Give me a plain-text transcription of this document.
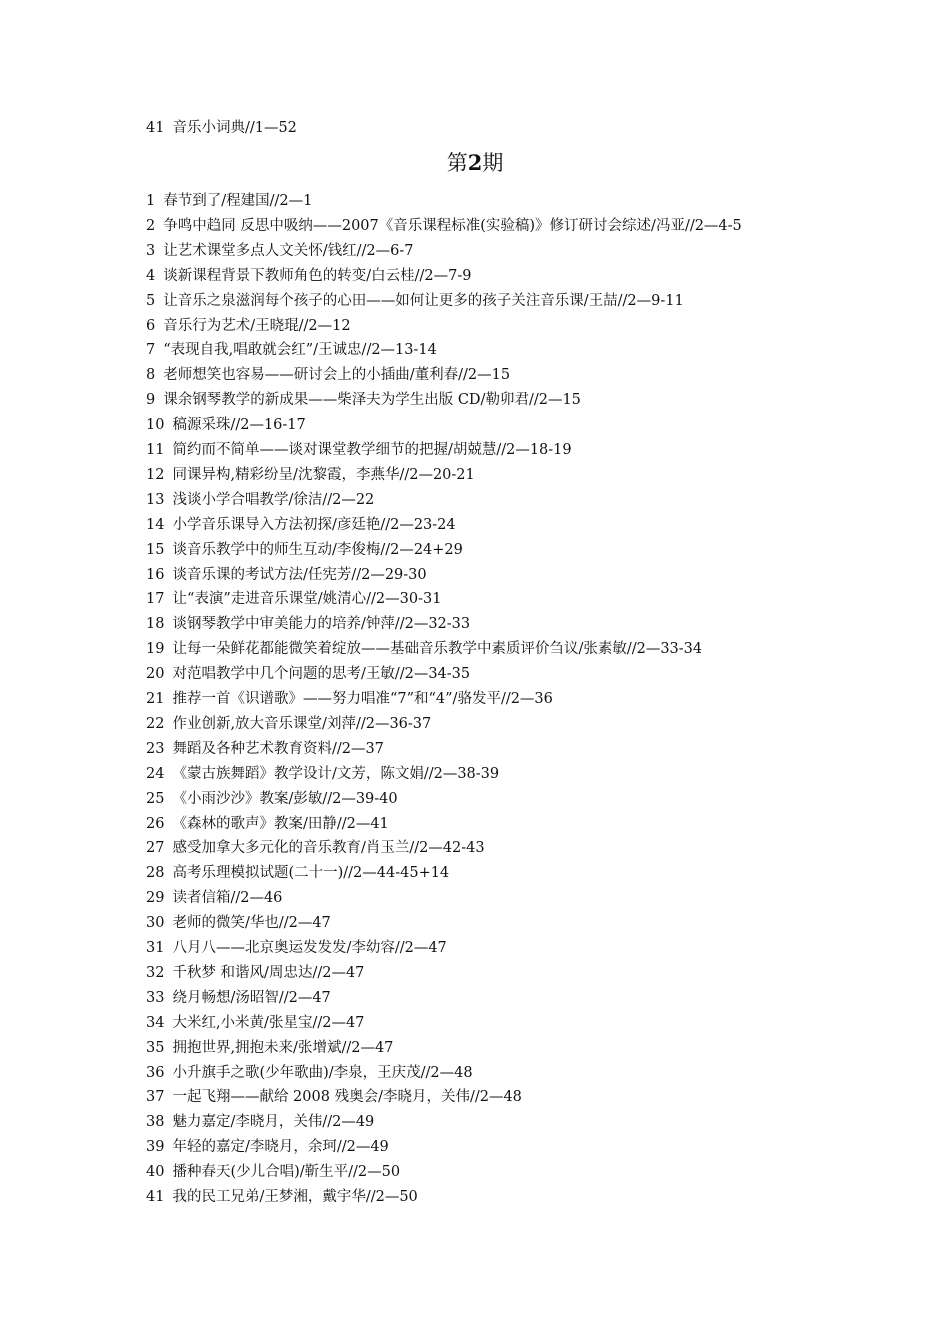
41 音乐小词典//1—52
第2期
1 春节到了/程建国//2—1
2 争鸣中趋同 反思中吸纳——2007《音乐课程标准(实验稿)》修订研讨会综述/冯亚//2—4-5
3 让艺术课堂多点人文关怀/钱红//2—6-7
4 谈新课程背景下教师角色的转变/白云桂//2—7-9
5 让音乐之泉滋润每个孩子的心田——如何让更多的孩子关注音乐课/王喆//2—9-11
6 音乐行为艺术/王晓琨//2—12
7 “表现自我,唱敢就会红”/王诚忠//2—13-14
8 老师想笑也容易——研讨会上的小插曲/董利春//2—15
9 课余钢琴教学的新成果——柴泽夫为学生出版 CD/勒卯君//2—15
10 稿源采珠//2—16-17
11 简约而不简单——谈对课堂教学细节的把握/胡兢慧//2—18-19
12 同课异构,精彩纷呈/沈黎霞，李燕华//2—20-21
13 浅谈小学合唱教学/徐洁//2—22
14 小学音乐课导入方法初探/彦廷艳//2—23-24
15 谈音乐教学中的师生互动/李俊梅//2—24+29
16 谈音乐课的考试方法/任宪芳//2—29-30
17 让“表演”走进音乐课堂/姚清心//2—30-31
18 谈钢琴教学中审美能力的培养/钟萍//2—32-33
19 让每一朵鲜花都能微笑着绽放——基础音乐教学中素质评价刍议/张素敏//2—33-34
20 对范唱教学中几个问题的思考/王敏//2—34-35
21 推荐一首《识谱歌》——努力唱准“7”和“4”/骆发平//2—36
22 作业创新,放大音乐课堂/刘萍//2—36-37
23 舞蹈及各种艺术教育资料//2—37
24 《蒙古族舞蹈》教学设计/文芳，陈文娟//2—38-39
25 《小雨沙沙》教案/彭敏//2—39-40
26 《森林的歌声》教案/田静//2—41
27 感受加拿大多元化的音乐教育/肖玉兰//2—42-43
28 高考乐理模拟试题(二十一)//2—44-45+14
29 读者信箱//2—46
30 老师的微笑/华也//2—47
31 八月八——北京奥运发发发/李幼容//2—47
32 千秋梦 和谐风/周忠达//2—47
33 绕月畅想/汤昭智//2—47
34 大米红,小米黄/张星宝//2—47
35 拥抱世界,拥抱未来/张增斌//2—47
36 小升旗手之歌(少年歌曲)/李泉，王庆茂//2—48
37 一起飞翔——献给 2008 残奥会/李晓月，关伟//2—48
38 魅力嘉定/李晓月，关伟//2—49
39 年轻的嘉定/李晓月，余珂//2—49
40 播种春天(少儿合唱)/靳生平//2—50
41 我的民工兄弟/王梦湘，戴宇华//2—50
